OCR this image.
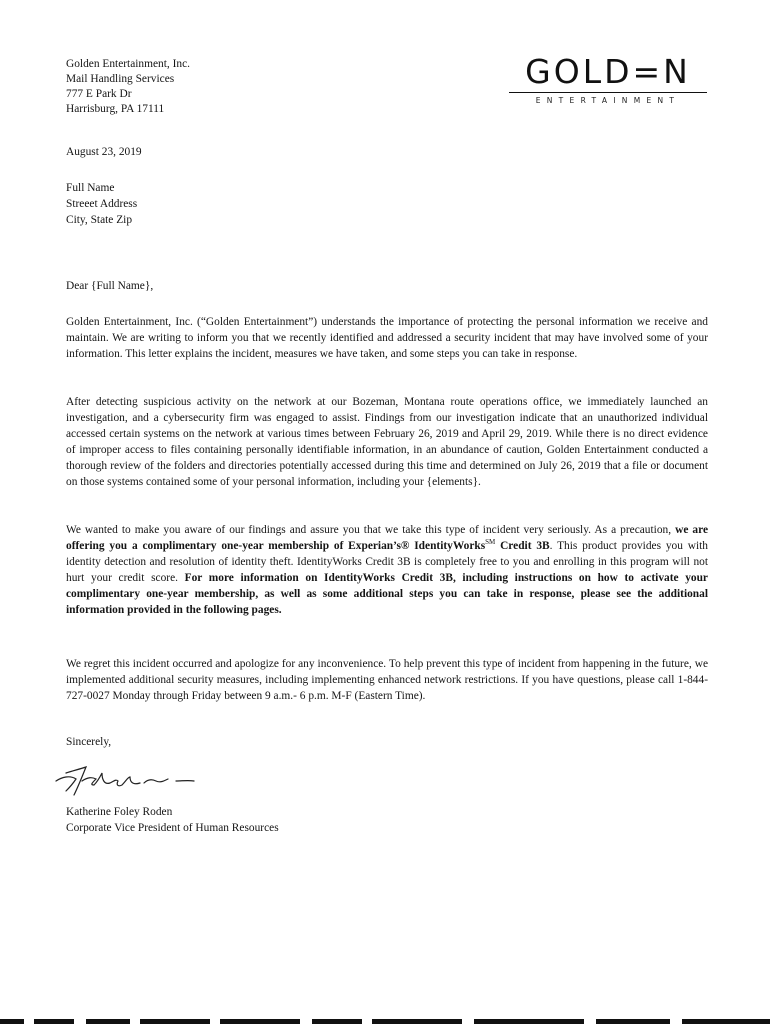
Golden Entertainment, Inc.
Mail Handling Services
777 E Park Dr
Harrisburg, PA 17111
GOLD=N
ENTERTAINMENT
August 23, 2019
Full Name
Streeet Address
City, State Zip
Dear {Full Name},

Golden Entertainment, Inc. (“Golden Entertainment”) understands the importance of protecting the personal information we receive and maintain. We are writing to inform you that we recently identified and addressed a security incident that may have involved some of your information. This letter explains the incident, measures we have taken, and some steps you can take in response.

After detecting suspicious activity on the network at our Bozeman, Montana route operations office, we immediately launched an investigation, and a cybersecurity firm was engaged to assist. Findings from our investigation indicate that an unauthorized individual accessed certain systems on the network at various times between February 26, 2019 and April 29, 2019. While there is no direct evidence of improper access to files containing personally identifiable information, in an abundance of caution, Golden Entertainment conducted a thorough review of the folders and directories potentially accessed during this time and determined on July 26, 2019 that a file or document on those systems contained some of your personal information, including your {elements}.

We wanted to make you aware of our findings and assure you that we take this type of incident very seriously. As a precaution, we are offering you a complimentary one-year membership of Experian’s® IdentityWorks℠ Credit 3B. This product provides you with identity detection and resolution of identity theft. IdentityWorks Credit 3B is completely free to you and enrolling in this program will not hurt your credit score. For more information on IdentityWorks Credit 3B, including instructions on how to activate your complimentary one-year membership, as well as some additional steps you can take in response, please see the additional information provided in the following pages.

We regret this incident occurred and apologize for any inconvenience. To help prevent this type of incident from happening in the future, we implemented additional security measures, including implementing enhanced network restrictions. If you have questions, please call 1-844-727-0027 Monday through Friday between 9 a.m.- 6 p.m. M-F (Eastern Time).

Sincerely,
Katherine Foley Roden
Corporate Vice President of Human Resources
